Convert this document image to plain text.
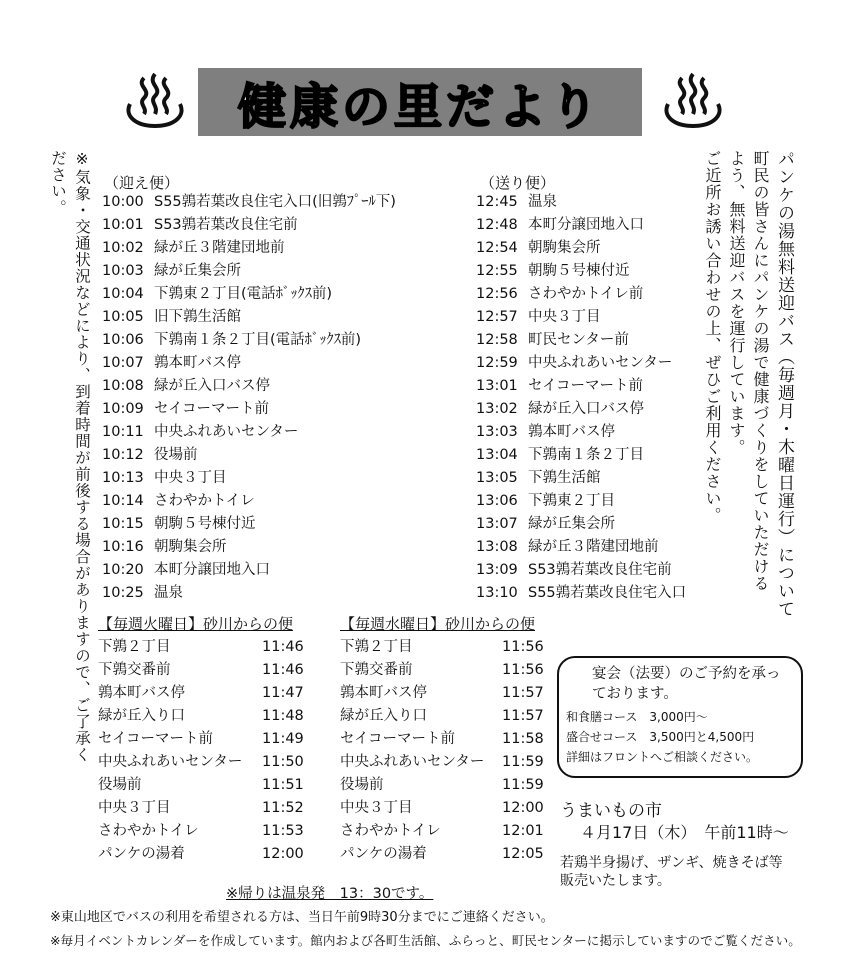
健康の里だより
※気象・交通状況などにより、到着時間が前後する場合がありますので、ご了承ください。	パンケの湯無料送迎バス（毎週月・木曜日運行）について
町民の皆さんにパンケの湯で健康づくりをしていただける
よう、無料送迎バスを運行しています。
ご近所お誘い合わせの上、ぜひご利用ください。
（迎え便）
10:00 S55鶉若葉改良住宅入口(旧鶉ﾌﾟｰﾙ下)
10:01 S53鶉若葉改良住宅前
10:02 緑が丘３階建団地前
10:03 緑が丘集会所
10:04 下鶉東２丁目(電話ﾎﾞｯｸｽ前)
10:05 旧下鶉生活館
10:06 下鶉南１条２丁目(電話ﾎﾞｯｸｽ前)
10:07 鶉本町バス停
10:08 緑が丘入口バス停
10:09 セイコーマート前
10:11 中央ふれあいセンター
10:12 役場前
10:13 中央３丁目
10:14 さわやかトイレ
10:15 朝駒５号棟付近
10:16 朝駒集会所
10:20 本町分譲団地入口
10:25 温泉
（送り便）
12:45 温泉
12:48 本町分譲団地入口
12:54 朝駒集会所
12:55 朝駒５号棟付近
12:56 さわやかトイレ前
12:57 中央３丁目
12:58 町民センター前
12:59 中央ふれあいセンター
13:01 セイコーマート前
13:02 緑が丘入口バス停
13:03 鶉本町バス停
13:04 下鶉南１条２丁目
13:05 下鶉生活館
13:06 下鶉東２丁目
13:07 緑が丘集会所
13:08 緑が丘３階建団地前
13:09 S53鶉若葉改良住宅前
13:10 S55鶉若葉改良住宅入口
【毎週火曜日】砂川からの便
下鶉２丁目	11:46
下鶉交番前	11:46
鶉本町バス停	11:47
緑が丘入り口	11:48
セイコーマート前	11:49
中央ふれあいセンター 11:50
役場前	11:51
中央３丁目	11:52
さわやかトイレ	11:53
パンケの湯着	12:00
【毎週水曜日】砂川からの便
下鶉２丁目	11:56
下鶉交番前	11:56
鶉本町バス停	11:57
緑が丘入り口	11:57
セイコーマート前	11:58
中央ふれあいセンター 11:59
役場前	11:59
中央３丁目	12:00
さわやかトイレ	12:01
パンケの湯着	12:05
※帰りは温泉発　13：30です。
宴会（法要）のご予約を承っ
ております。
和食膳コース　3,000円～
盛合せコース　3,500円と4,500円
詳細はフロントへご相談ください。
うまいもの市
４月17日（木）　午前11時～
若鶏半身揚げ、ザンギ、焼きそば等
販売いたします。
※東山地区でバスの利用を希望される方は、当日午前9時30分までにご連絡ください。
※毎月イベントカレンダーを作成しています。館内および各町生活館、ふらっと、町民センターに掲示していますのでご覧ください。
